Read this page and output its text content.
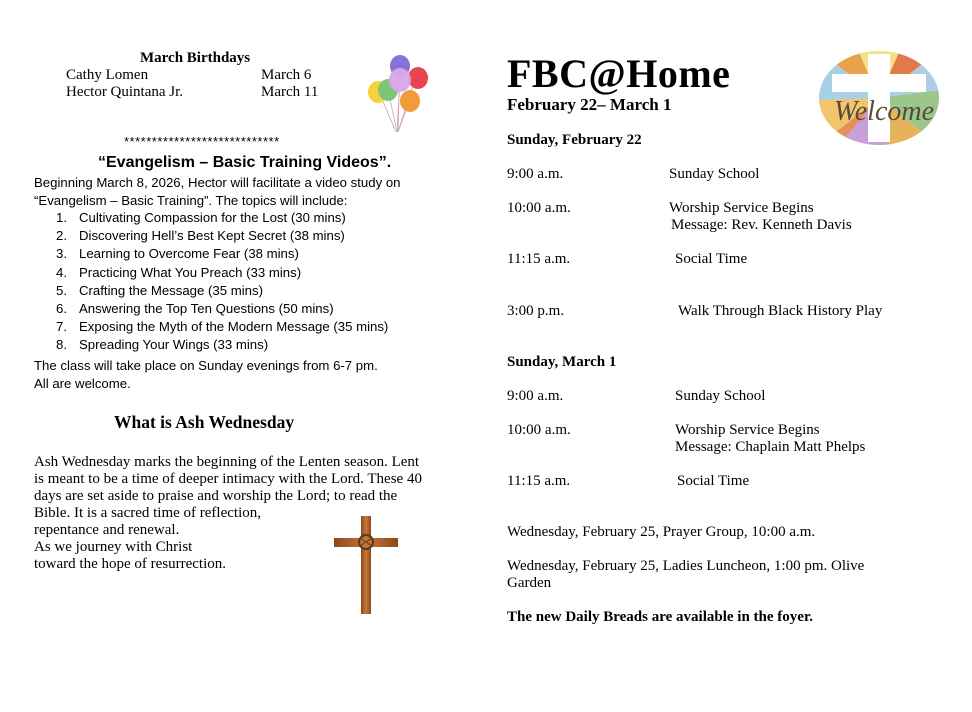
March Birthdays
Cathy Lomen	March 6
Hector Quintana Jr.	March 11
****************************
“Evangelism – Basic Training Videos”.
Beginning March 8, 2026, Hector will facilitate a video study on
“Evangelism – Basic Training”. The topics will include:
1. Cultivating Compassion for the Lost (30 mins)
2. Discovering Hell’s Best Kept Secret (38 mins)
3. Learning to Overcome Fear (38 mins)
4. Practicing What You Preach (33 mins)
5. Crafting the Message (35 mins)
6. Answering the Top Ten Questions (50 mins)
7. Exposing the Myth of the Modern Message (35 mins)
8. Spreading Your Wings (33 mins)
The class will take place on Sunday evenings from 6-7 pm.
All are welcome.
What is Ash Wednesday
Ash Wednesday marks the beginning of the Lenten season. Lent
is meant to be a time of deeper intimacy with the Lord. These 40
days are set aside to praise and worship the Lord; to read the
Bible. It is a sacred time of reflection,
repentance and renewal.
As we journey with Christ
toward the hope of resurrection.
FBC@Home
February 22– March 1	Welcome
Sunday, February 22
9:00 a.m.	Sunday School
10:00 a.m.	Worship Service Begins
Message: Rev. Kenneth Davis
11:15 a.m.	Social Time
3:00 p.m.	Walk Through Black History Play
Sunday, March 1
9:00 a.m.	Sunday School
10:00 a.m.	Worship Service Begins
Message: Chaplain Matt Phelps
11:15 a.m.	Social Time
Wednesday, February 25, Prayer Group, 10:00 a.m.
Wednesday, February 25, Ladies Luncheon, 1:00 pm. Olive
Garden
The new Daily Breads are available in the foyer.
